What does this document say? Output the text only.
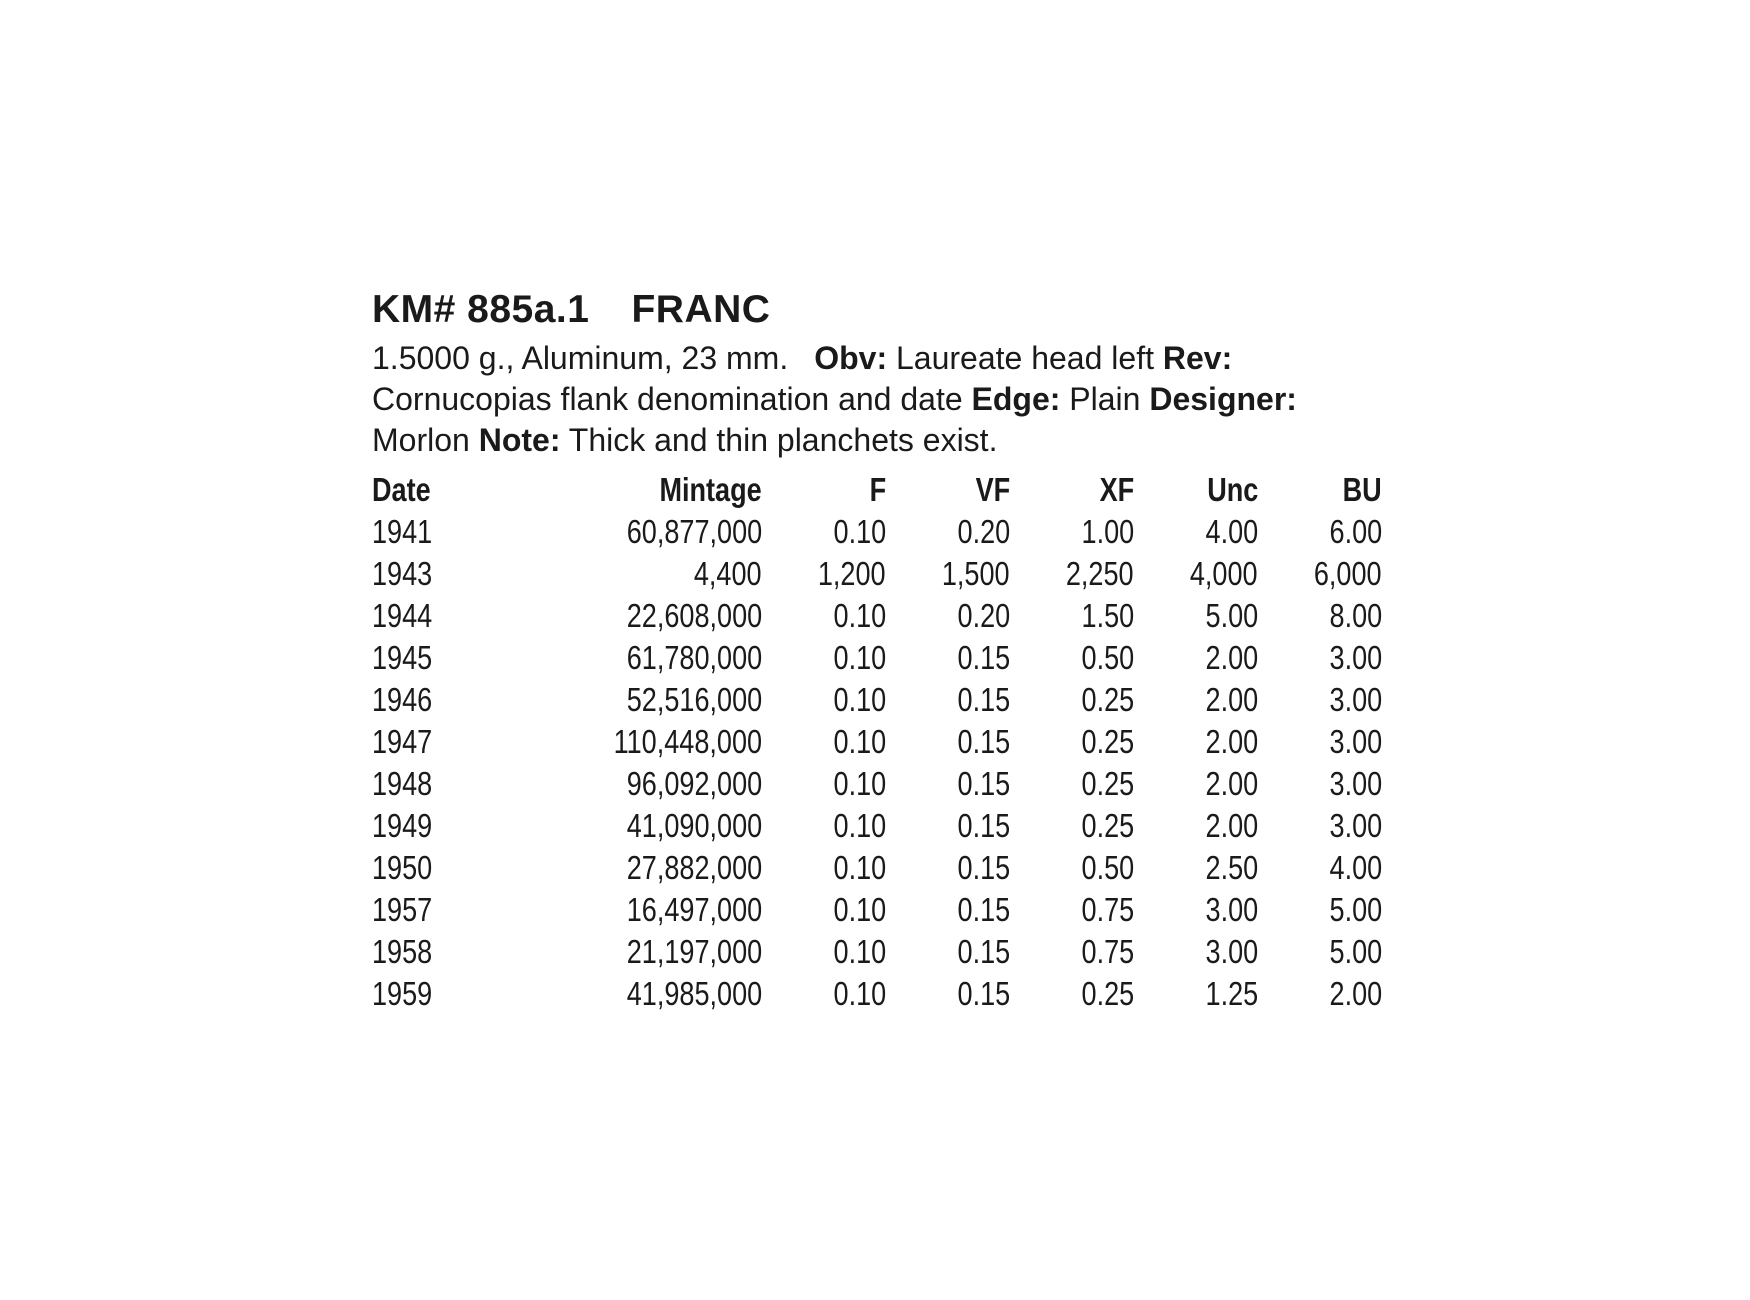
KM# 885a.1 FRANC

1.5000 g., Aluminum, 23 mm. Obv: Laureate head left Rev: Cornucopias flank denomination and date Edge: Plain Designer: Morlon Note: Thick and thin planchets exist.

Date	Mintage	F	VF	XF	Unc	BU
1941	60,877,000	0.10	0.20	1.00	4.00	6.00
1943	4,400	1,200	1,500	2,250	4,000	6,000
1944	22,608,000	0.10	0.20	1.50	5.00	8.00
1945	61,780,000	0.10	0.15	0.50	2.00	3.00
1946	52,516,000	0.10	0.15	0.25	2.00	3.00
1947	110,448,000	0.10	0.15	0.25	2.00	3.00
1948	96,092,000	0.10	0.15	0.25	2.00	3.00
1949	41,090,000	0.10	0.15	0.25	2.00	3.00
1950	27,882,000	0.10	0.15	0.50	2.50	4.00
1957	16,497,000	0.10	0.15	0.75	3.00	5.00
1958	21,197,000	0.10	0.15	0.75	3.00	5.00
1959	41,985,000	0.10	0.15	0.25	1.25	2.00
